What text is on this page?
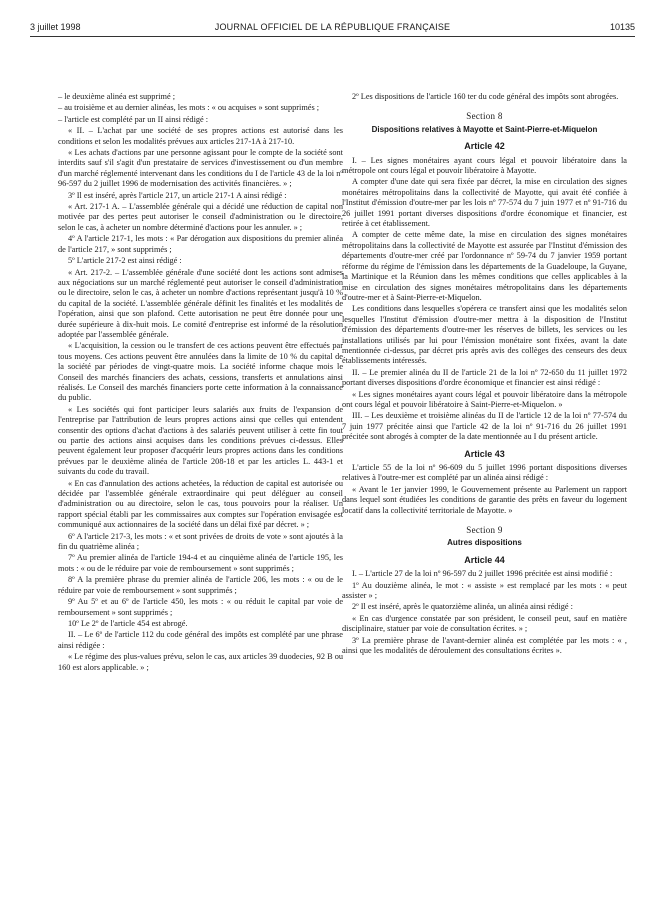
3 juillet 1998	JOURNAL OFFICIEL DE LA RÉPUBLIQUE FRANÇAISE	10135

– le deuxième alinéa est supprimé ;

– au troisième et au dernier alinéas, les mots : « ou acquises » sont supprimés ;

– l'article est complété par un II ainsi rédigé :

« II. – L'achat par une société de ses propres actions est autorisé dans les conditions et selon les modalités prévues aux articles 217-1A à 217-10.

« Les achats d'actions par une personne agissant pour le compte de la société sont interdits sauf s'il s'agit d'un prestataire de services d'investissement ou d'un membre d'un marché réglementé intervenant dans les conditions du I de l'article 43 de la loi nº 96-597 du 2 juillet 1996 de modernisation des activités financières. » ;

3º Il est inséré, après l'article 217, un article 217-1 A ainsi rédigé :

« Art. 217-1 A. – L'assemblée générale qui a décidé une réduction de capital non motivée par des pertes peut autoriser le conseil d'administration ou le directoire, selon le cas, à acheter un nombre déterminé d'actions pour les annuler. » ;

4º A l'article 217-1, les mots : « Par dérogation aux dispositions du premier alinéa de l'article 217, » sont supprimés ;

5º L'article 217-2 est ainsi rédigé :

« Art. 217-2. – L'assemblée générale d'une société dont les actions sont admises aux négociations sur un marché réglementé peut autoriser le conseil d'administration ou le directoire, selon le cas, à acheter un nombre d'actions représentant jusqu'à 10 % du capital de la société. L'assemblée générale définit les finalités et les modalités de l'opération, ainsi que son plafond. Cette autorisation ne peut être donnée pour une durée supérieure à dix-huit mois. Le comité d'entreprise est informé de la résolution adoptée par l'assemblée générale.

« L'acquisition, la cession ou le transfert de ces actions peuvent être effectués par tous moyens. Ces actions peuvent être annulées dans la limite de 10 % du capital de la société par périodes de vingt-quatre mois. La société informe chaque mois le Conseil des marchés financiers des achats, cessions, transferts et annulations ainsi réalisés. Le Conseil des marchés financiers porte cette information à la connaissance du public.

« Les sociétés qui font participer leurs salariés aux fruits de l'expansion de l'entreprise par l'attribution de leurs propres actions ainsi que celles qui entendent consentir des options d'achat d'actions à des salariés peuvent utiliser à cette fin tout ou partie des actions ainsi acquises dans les conditions prévues ci-dessus. Elles peuvent également leur proposer d'acquérir leurs propres actions dans les conditions prévues par le deuxième alinéa de l'article 208-18 et par les articles L. 443-1 et suivants du code du travail.

« En cas d'annulation des actions achetées, la réduction de capital est autorisée ou décidée par l'assemblée générale extraordinaire qui peut déléguer au conseil d'administration ou au directoire, selon le cas, tous pouvoirs pour la réaliser. Un rapport spécial établi par les commissaires aux comptes sur l'opération envisagée est communiqué aux actionnaires de la société dans un délai fixé par décret. » ;

6º A l'article 217-3, les mots : « et sont privées de droits de vote » sont ajoutés à la fin du quatrième alinéa ;

7º Au premier alinéa de l'article 194-4 et au cinquième alinéa de l'article 195, les mots : « ou de le réduire par voie de remboursement » sont supprimés ;

8º A la première phrase du premier alinéa de l'article 206, les mots : « ou de le réduire par voie de remboursement » sont supprimés ;

9º Au 5º et au 6º de l'article 450, les mots : « ou réduit le capital par voie de remboursement » sont supprimés ;

10º Le 2º de l'article 454 est abrogé.

II. – Le 6º de l'article 112 du code général des impôts est complété par une phrase ainsi rédigée :

« Le régime des plus-values prévu, selon le cas, aux articles 39 duodecies, 92 B ou 160 est alors applicable. » ;

2º Les dispositions de l'article 160 ter du code général des impôts sont abrogées.

Section 8
Dispositions relatives à Mayotte et Saint-Pierre-et-Miquelon
Article 42

I. – Les signes monétaires ayant cours légal et pouvoir libératoire dans la métropole ont cours légal et pouvoir libératoire à Mayotte.

A compter d'une date qui sera fixée par décret, la mise en circulation des signes monétaires métropolitains dans la collectivité de Mayotte, qui avait été confiée à l'Institut d'émission d'outre-mer par les lois nº 77-574 du 7 juin 1977 et nº 91-716 du 26 juillet 1991 portant diverses dispositions d'ordre économique et financier, est retirée à cet établissement.

A compter de cette même date, la mise en circulation des signes monétaires métropolitains dans la collectivité de Mayotte est assurée par l'Institut d'émission des départements d'outre-mer créé par l'ordonnance nº 59-74 du 7 janvier 1959 portant réforme du régime de l'émission dans les départements de la Guadeloupe, la Guyane, la Martinique et la Réunion dans les mêmes conditions que celles applicables à la mise en circulation des signes monétaires métropolitains dans les départements d'outre-mer et à Saint-Pierre-et-Miquelon.

Les conditions dans lesquelles s'opérera ce transfert ainsi que les modalités selon lesquelles l'Institut d'émission d'outre-mer mettra à la disposition de l'Institut d'émission des départements d'outre-mer les réserves de billets, les services ou les installations utilisés par lui pour l'émission monétaire sont fixées, avant la date mentionnée ci-dessus, par décret pris après avis des collèges des censeurs des deux établissements intéressés.

II. – Le premier alinéa du II de l'article 21 de la loi nº 72-650 du 11 juillet 1972 portant diverses dispositions d'ordre économique et financier est ainsi rédigé :

« Les signes monétaires ayant cours légal et pouvoir libératoire dans la métropole ont cours légal et pouvoir libératoire à Saint-Pierre-et-Miquelon. »

III. – Les deuxième et troisième alinéas du II de l'article 12 de la loi nº 77-574 du 7 juin 1977 précitée ainsi que l'article 42 de la loi nº 91-716 du 26 juillet 1991 précitée sont abrogés à compter de la date mentionnée au I du présent article.

Article 43

L'article 55 de la loi nº 96-609 du 5 juillet 1996 portant dispositions diverses relatives à l'outre-mer est complété par un alinéa ainsi rédigé :

« Avant le 1er janvier 1999, le Gouvernement présente au Parlement un rapport dans lequel sont étudiées les conditions de garantie des prêts en faveur du logement locatif dans la collectivité territoriale de Mayotte. »

Section 9
Autres dispositions
Article 44

I. – L'article 27 de la loi nº 96-597 du 2 juillet 1996 précitée est ainsi modifié :

1º Au douzième alinéa, le mot : « assiste » est remplacé par les mots : « peut assister » ;

2º Il est inséré, après le quatorzième alinéa, un alinéa ainsi rédigé :

« En cas d'urgence constatée par son président, le conseil peut, sauf en matière disciplinaire, statuer par voie de consultation écrites. » ;

3º La première phrase de l'avant-dernier alinéa est complétée par les mots : « , ainsi que les modalités de déroulement des consultations écrites ».
